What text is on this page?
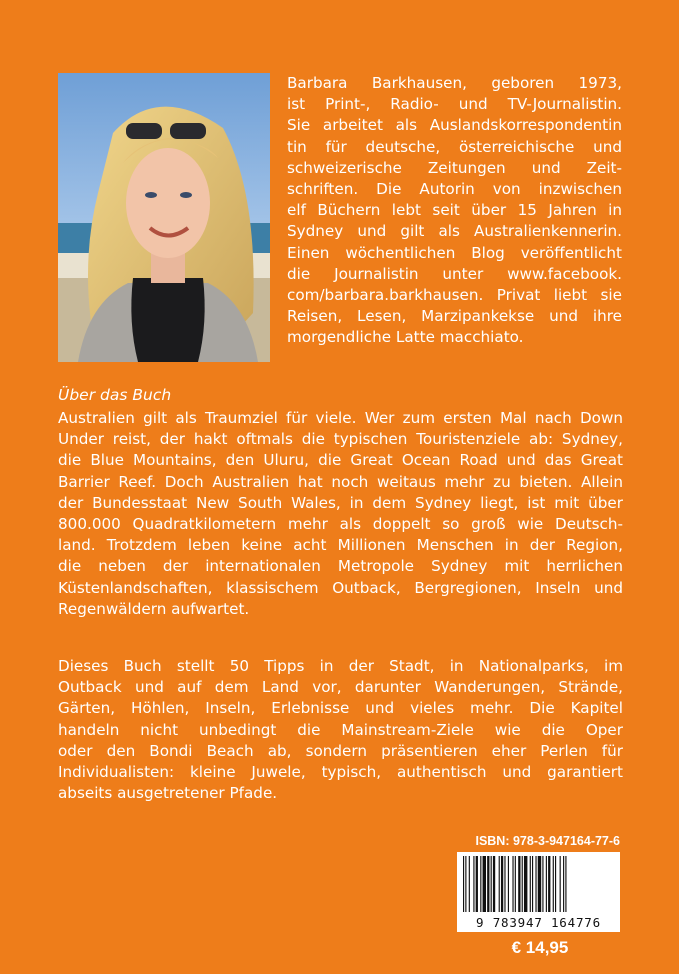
Barbara Barkhausen, geboren 1973,
ist Print-, Radio- und TV-Journalistin.
Sie arbeitet als Auslandskorrespondentin
tin für deutsche, österreichische und
schweizerische Zeitungen und Zeit-
schriften. Die Autorin von inzwischen
elf Büchern lebt seit über 15 Jahren in
Sydney und gilt als Australienkennerin.
Einen wöchentlichen Blog veröffentlicht
die Journalistin unter www.facebook.
com/barbara.barkhausen. Privat liebt sie
Reisen, Lesen, Marzipankekse und ihre
morgendliche Latte macchiato.
Über das Buch
Australien gilt als Traumziel für viele. Wer zum ersten Mal nach Down
Under reist, der hakt oftmals die typischen Touristenziele ab: Sydney,
die Blue Mountains, den Uluru, die Great Ocean Road und das Great
Barrier Reef. Doch Australien hat noch weitaus mehr zu bieten. Allein
der Bundesstaat New South Wales, in dem Sydney liegt, ist mit über
800.000 Quadratkilometern mehr als doppelt so groß wie Deutsch-
land. Trotzdem leben keine acht Millionen Menschen in der Region,
die neben der internationalen Metropole Sydney mit herrlichen
Küstenlandschaften, klassischem Outback, Bergregionen, Inseln und
Regenwäldern aufwartet.
Dieses Buch stellt 50 Tipps in der Stadt, in Nationalparks, im
Outback und auf dem Land vor, darunter Wanderungen, Strände,
Gärten, Höhlen, Inseln, Erlebnisse und vieles mehr. Die Kapitel
handeln nicht unbedingt die Mainstream-Ziele wie die Oper
oder den Bondi Beach ab, sondern präsentieren eher Perlen für
Individualisten: kleine Juwele, typisch, authentisch und garantiert
abseits ausgetretener Pfade.
ISBN: 978-3-947164-77-6
9 783947 164776
€ 14,95
